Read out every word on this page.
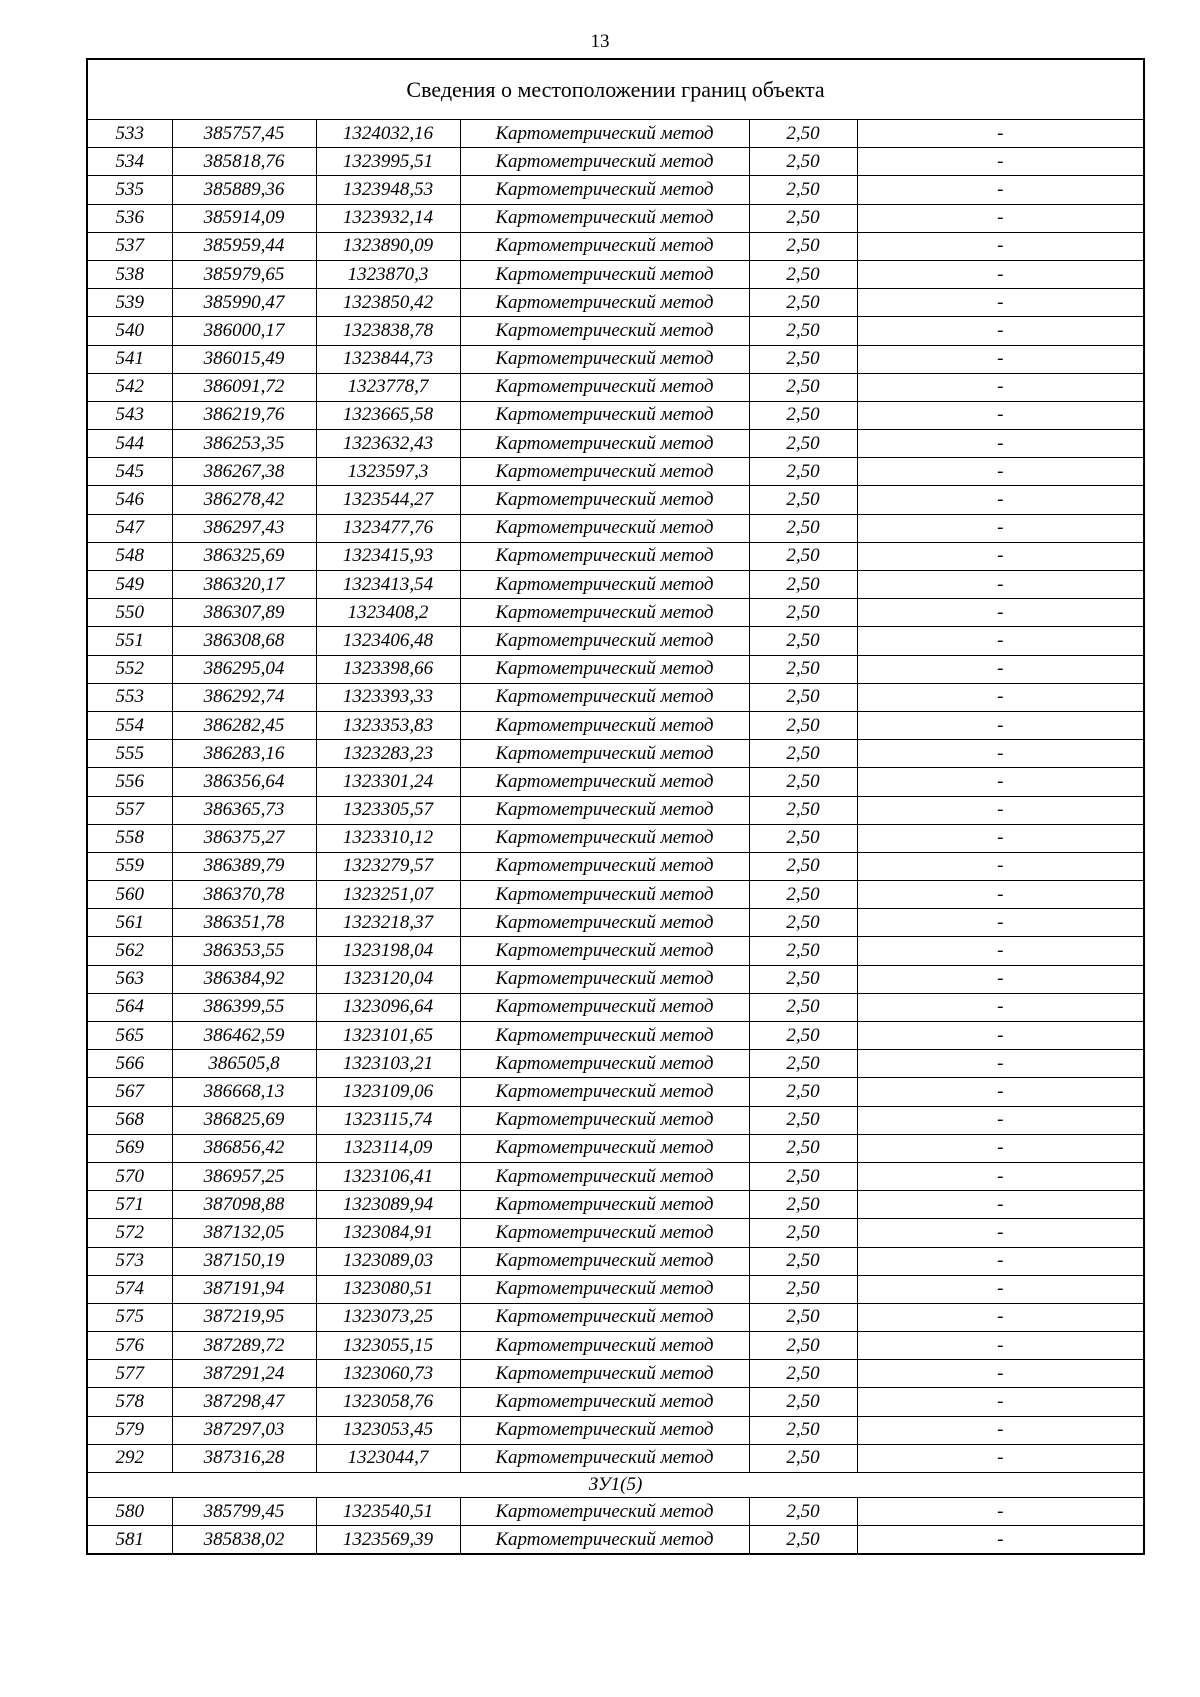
13
Сведения о местоположении границ объекта					
533	385757,45	1324032,16	Картометрический метод	2,50	-
534	385818,76	1323995,51	Картометрический метод	2,50	-
535	385889,36	1323948,53	Картометрический метод	2,50	-
536	385914,09	1323932,14	Картометрический метод	2,50	-
537	385959,44	1323890,09	Картометрический метод	2,50	-
538	385979,65	1323870,3	Картометрический метод	2,50	-
539	385990,47	1323850,42	Картометрический метод	2,50	-
540	386000,17	1323838,78	Картометрический метод	2,50	-
541	386015,49	1323844,73	Картометрический метод	2,50	-
542	386091,72	1323778,7	Картометрический метод	2,50	-
543	386219,76	1323665,58	Картометрический метод	2,50	-
544	386253,35	1323632,43	Картометрический метод	2,50	-
545	386267,38	1323597,3	Картометрический метод	2,50	-
546	386278,42	1323544,27	Картометрический метод	2,50	-
547	386297,43	1323477,76	Картометрический метод	2,50	-
548	386325,69	1323415,93	Картометрический метод	2,50	-
549	386320,17	1323413,54	Картометрический метод	2,50	-
550	386307,89	1323408,2	Картометрический метод	2,50	-
551	386308,68	1323406,48	Картометрический метод	2,50	-
552	386295,04	1323398,66	Картометрический метод	2,50	-
553	386292,74	1323393,33	Картометрический метод	2,50	-
554	386282,45	1323353,83	Картометрический метод	2,50	-
555	386283,16	1323283,23	Картометрический метод	2,50	-
556	386356,64	1323301,24	Картометрический метод	2,50	-
557	386365,73	1323305,57	Картометрический метод	2,50	-
558	386375,27	1323310,12	Картометрический метод	2,50	-
559	386389,79	1323279,57	Картометрический метод	2,50	-
560	386370,78	1323251,07	Картометрический метод	2,50	-
561	386351,78	1323218,37	Картометрический метод	2,50	-
562	386353,55	1323198,04	Картометрический метод	2,50	-
563	386384,92	1323120,04	Картометрический метод	2,50	-
564	386399,55	1323096,64	Картометрический метод	2,50	-
565	386462,59	1323101,65	Картометрический метод	2,50	-
566	386505,8	1323103,21	Картометрический метод	2,50	-
567	386668,13	1323109,06	Картометрический метод	2,50	-
568	386825,69	1323115,74	Картометрический метод	2,50	-
569	386856,42	1323114,09	Картометрический метод	2,50	-
570	386957,25	1323106,41	Картометрический метод	2,50	-
571	387098,88	1323089,94	Картометрический метод	2,50	-
572	387132,05	1323084,91	Картометрический метод	2,50	-
573	387150,19	1323089,03	Картометрический метод	2,50	-
574	387191,94	1323080,51	Картометрический метод	2,50	-
575	387219,95	1323073,25	Картометрический метод	2,50	-
576	387289,72	1323055,15	Картометрический метод	2,50	-
577	387291,24	1323060,73	Картометрический метод	2,50	-
578	387298,47	1323058,76	Картометрический метод	2,50	-
579	387297,03	1323053,45	Картометрический метод	2,50	-
292	387316,28	1323044,7	Картометрический метод	2,50	-
ЗУ1(5)					
580	385799,45	1323540,51	Картометрический метод	2,50	-
581	385838,02	1323569,39	Картометрический метод	2,50	-
